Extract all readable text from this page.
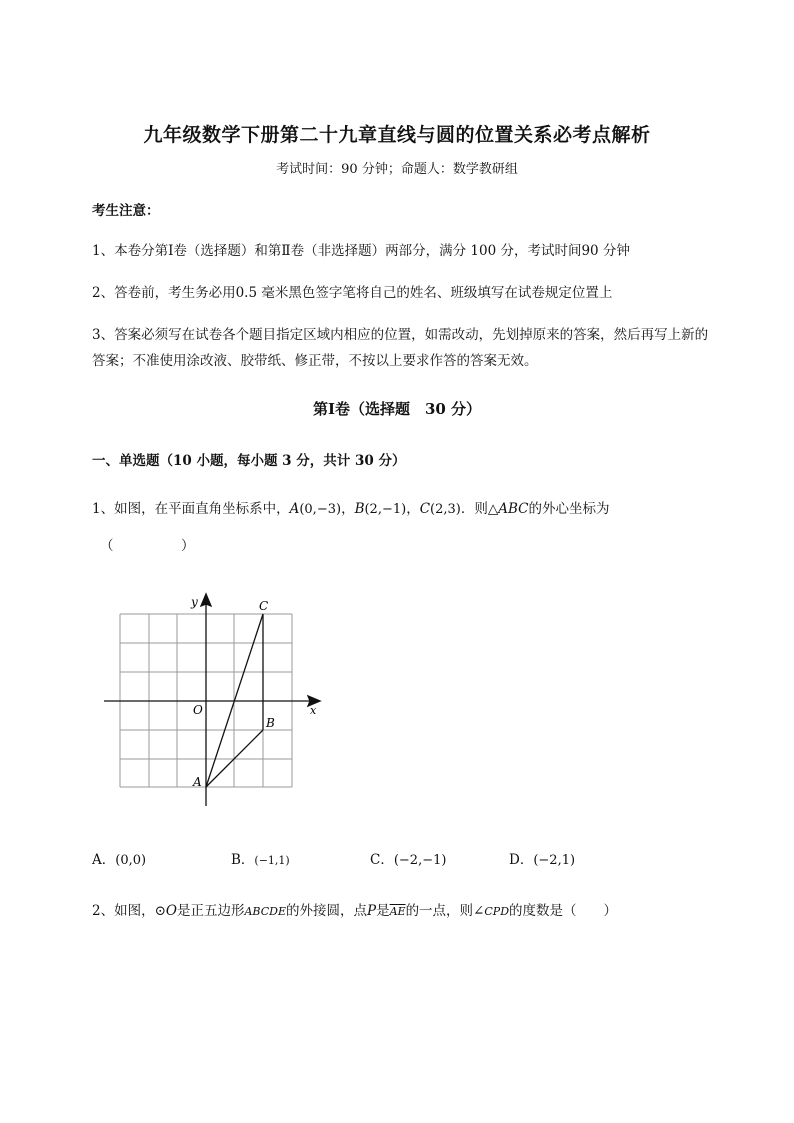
九年级数学下册第二十九章直线与圆的位置关系必考点解析
考试时间：90 分钟；命题人：数学教研组
考生注意：
1、本卷分第Ⅰ卷（选择题）和第Ⅱ卷（非选择题）两部分，满分 100 分，考试时间90 分钟
2、答卷前，考生务必用0.5 毫米黑色签字笔将自己的姓名、班级填写在试卷规定位置上
3、答案必须写在试卷各个题目指定区域内相应的位置，如需改动，先划掉原来的答案，然后再写上新的答案；不准使用涂改液、胶带纸、修正带，不按以上要求作答的答案无效。
第Ⅰ卷（选择题　30 分）
一、单选题（10 小题，每小题 3 分，共计 30 分）
1、如图，在平面直角坐标系中，A(0,−3)，B(2,−1)，C(2,3)．则△ABC的外心坐标为
（　　　　　）
y
x
O
A
B
C
A．(0,0)	B．(−1,1)	C．(−2,−1)	D．(−2,1)
2、如图，⊙O是正五边形ABCDE的外接圆，点P是$\overline{AE}$的一点，则∠CPD的度数是（　　）
